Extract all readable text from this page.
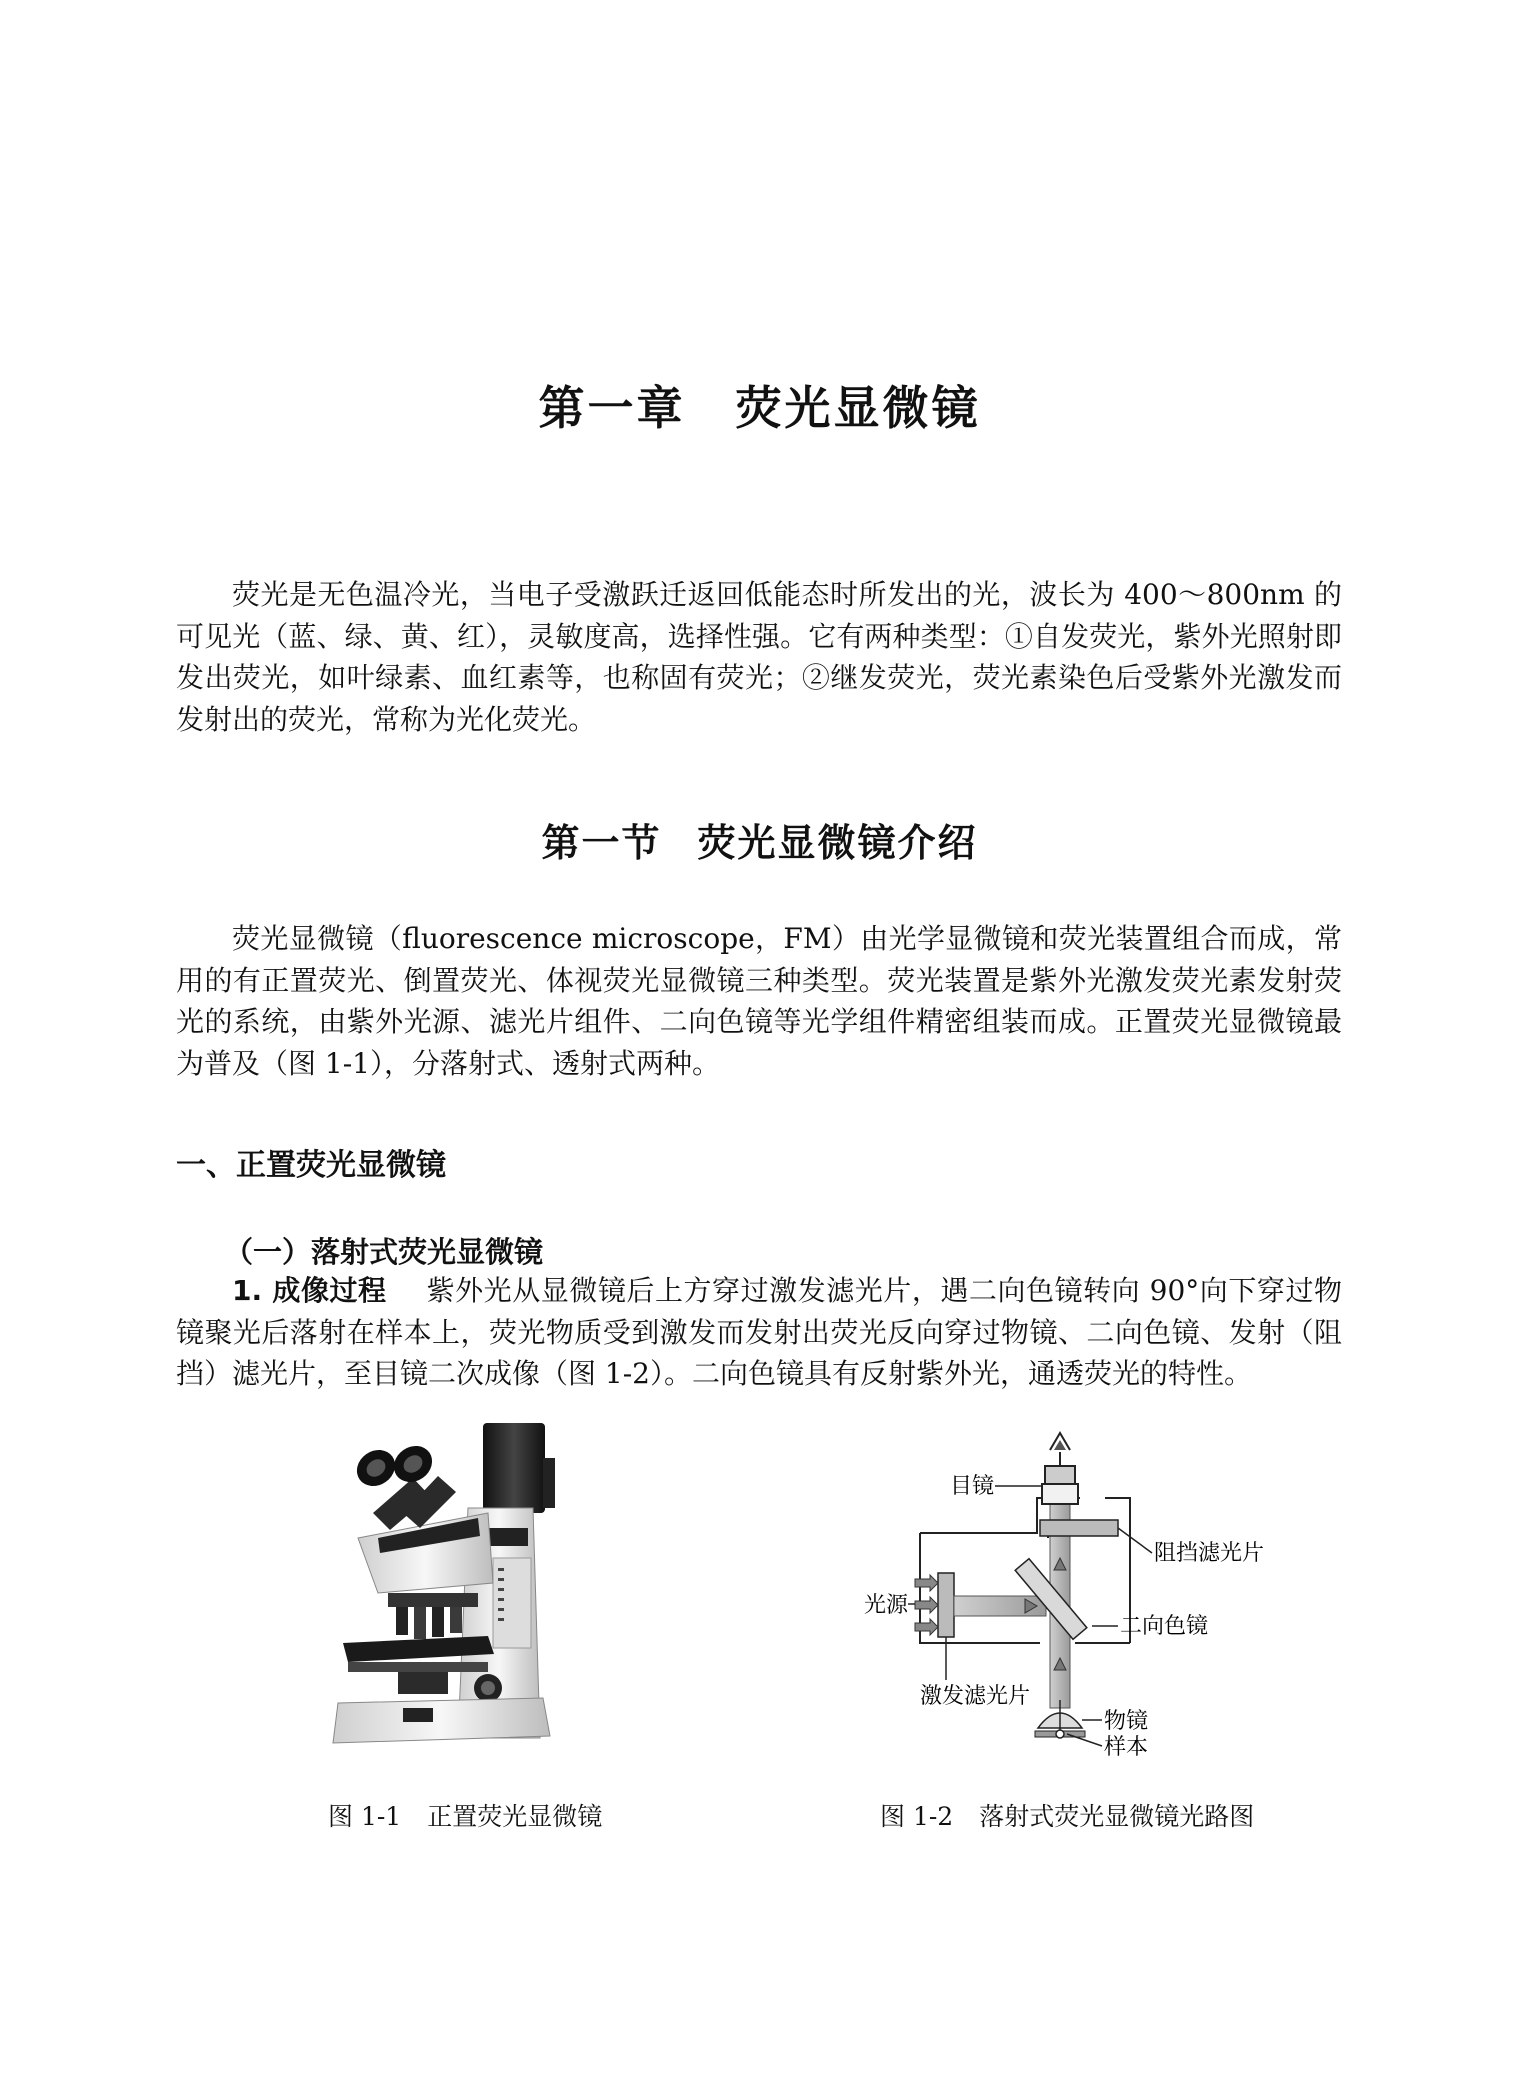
第一章 荧光显微镜
荧光是无色温冷光，当电子受激跃迁返回低能态时所发出的光，波长为 400～800nm 的可见光（蓝、绿、黄、红），灵敏度高，选择性强。它有两种类型：①自发荧光，紫外光照射即发出荧光，如叶绿素、血红素等，也称固有荧光；②继发荧光，荧光素染色后受紫外光激发而发射出的荧光，常称为光化荧光。
第一节 荧光显微镜介绍
荧光显微镜（fluorescence microscope，FM）由光学显微镜和荧光装置组合而成，常用的有正置荧光、倒置荧光、体视荧光显微镜三种类型。荧光装置是紫外光激发荧光素发射荧光的系统，由紫外光源、滤光片组件、二向色镜等光学组件精密组装而成。正置荧光显微镜最为普及（图 1-1），分落射式、透射式两种。
一、正置荧光显微镜
（一）落射式荧光显微镜
1. 成像过程 紫外光从显微镜后上方穿过激发滤光片，遇二向色镜转向 90°向下穿过物镜聚光后落射在样本上，荧光物质受到激发而发射出荧光反向穿过物镜、二向色镜、发射（阻挡）滤光片，至目镜二次成像（图 1-2）。二向色镜具有反射紫外光，通透荧光的特性。
目镜
阻挡滤光片
光源
二向色镜
激发滤光片
物镜
样本
图 1-1 正置荧光显微镜	图 1-2 落射式荧光显微镜光路图
